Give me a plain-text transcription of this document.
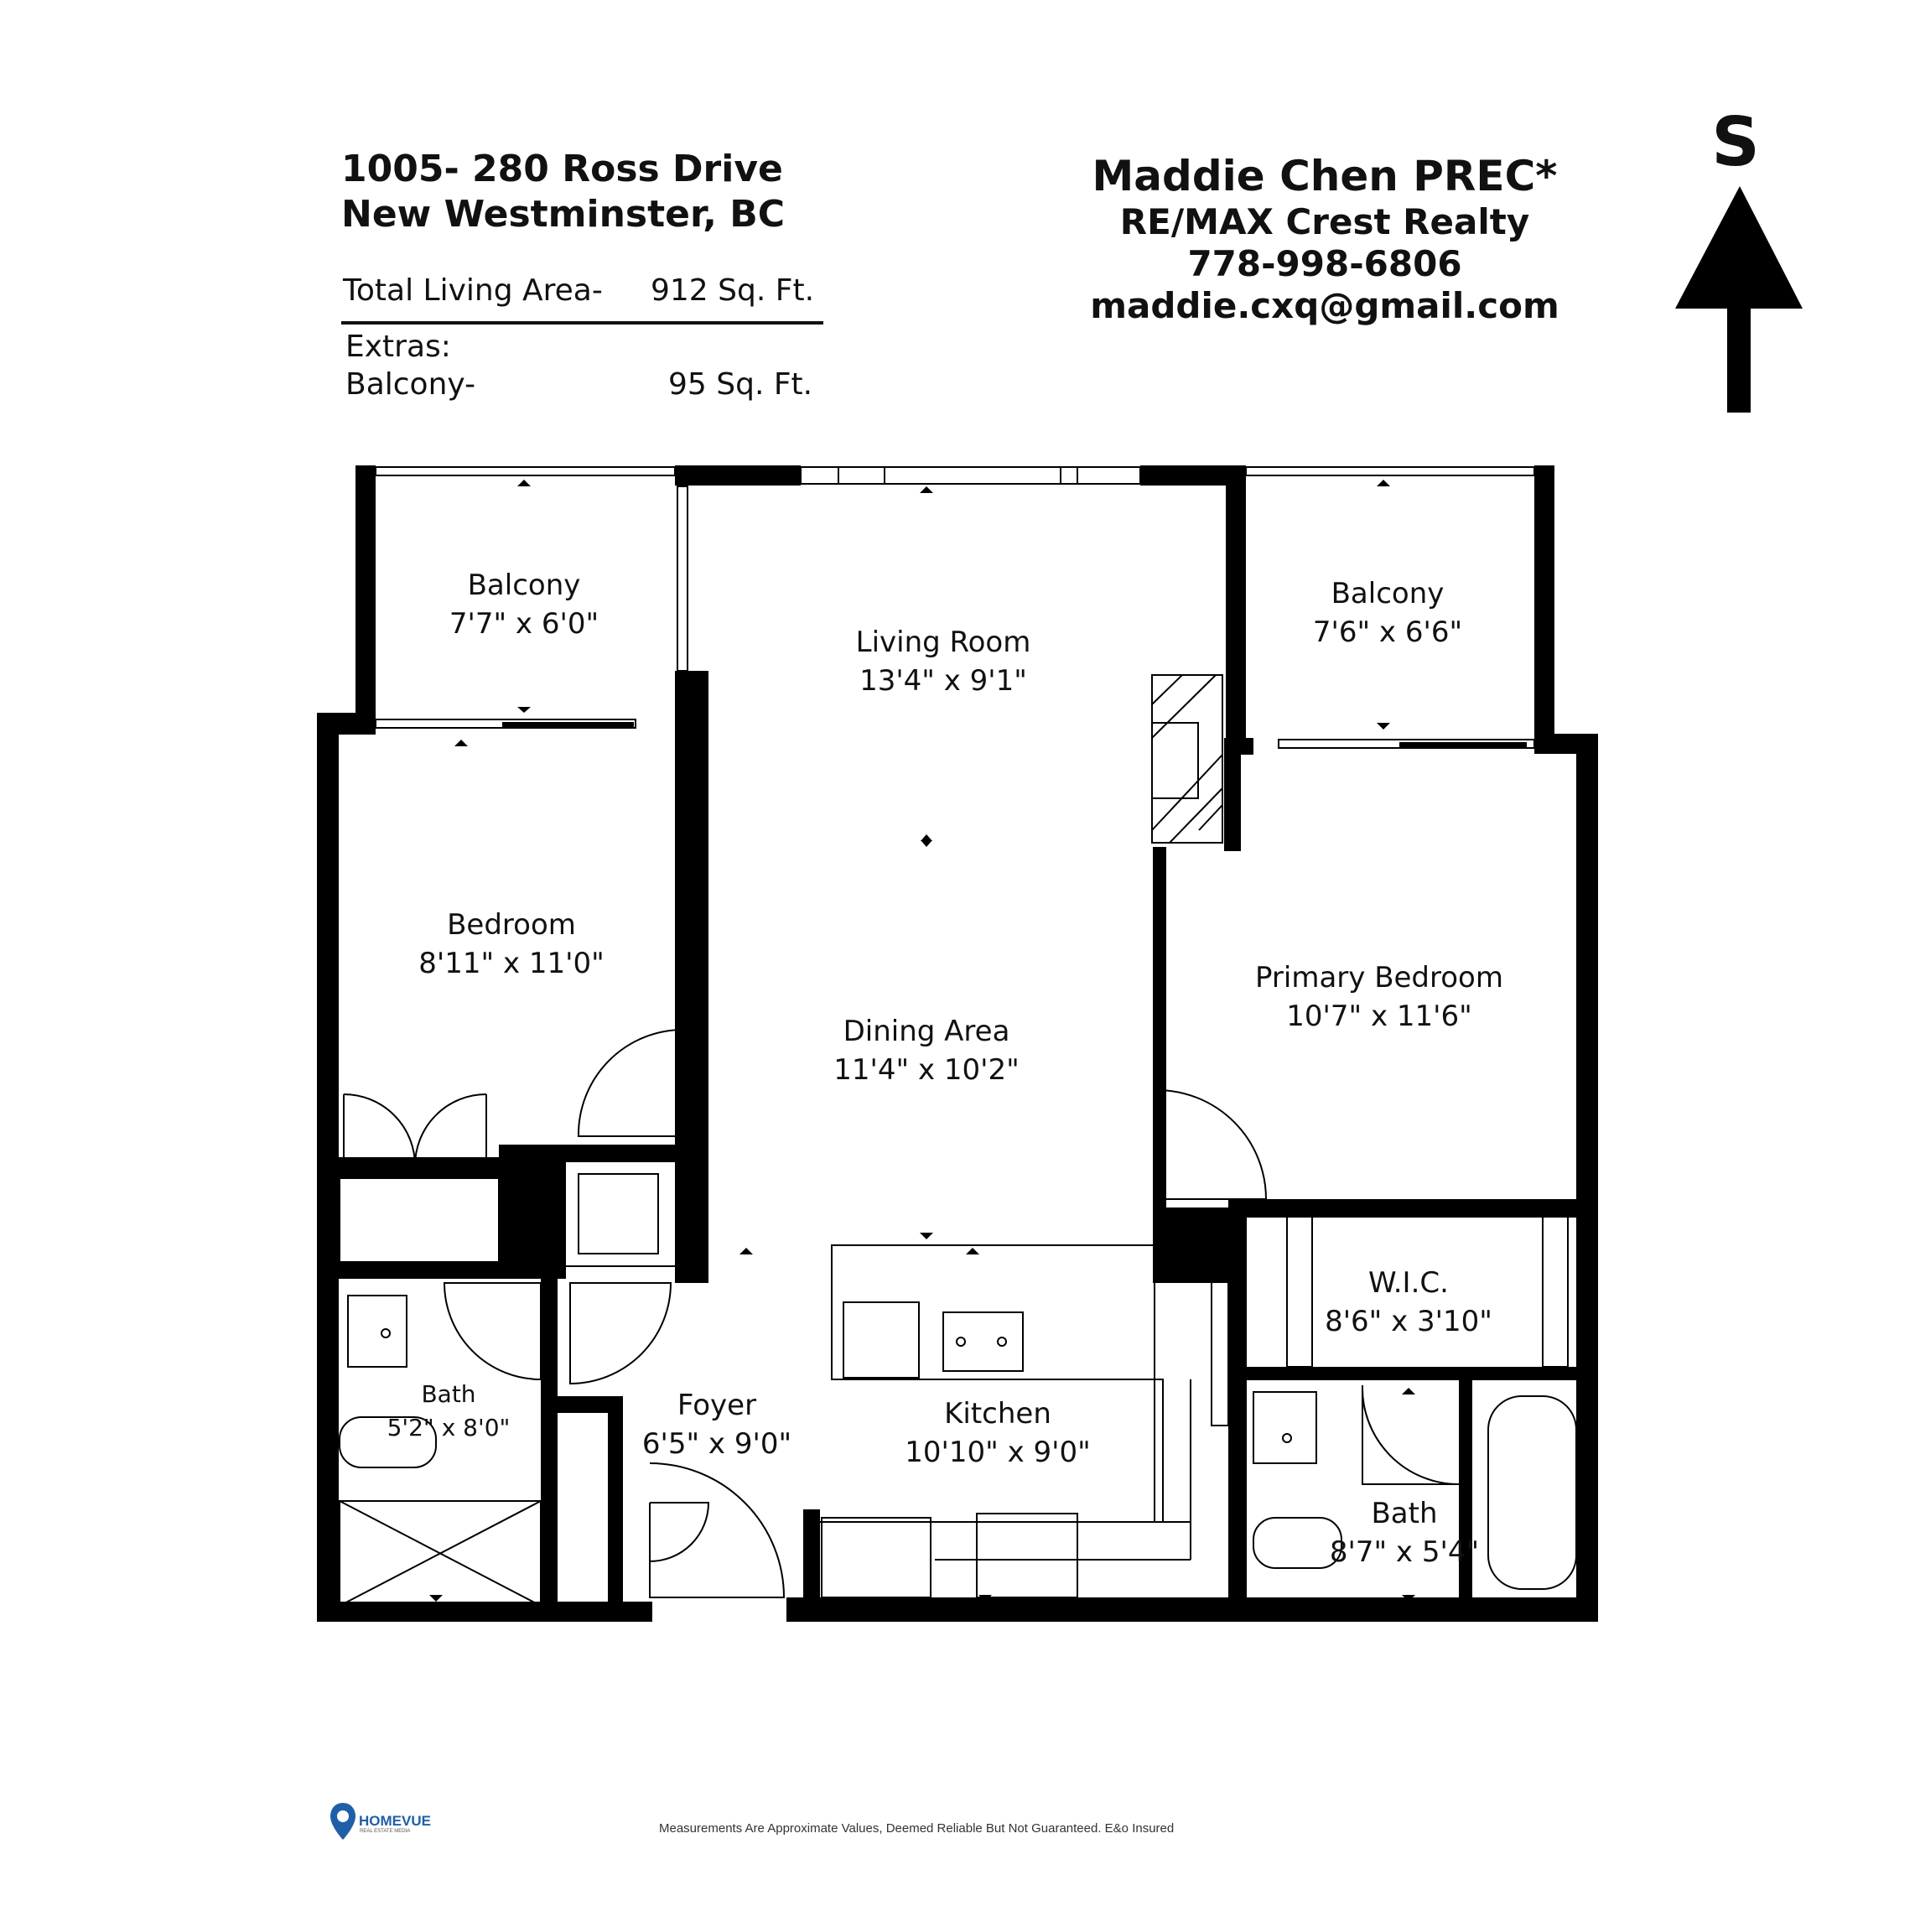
1005- 280 Ross Drive
New Westminster, BC
Total Living Area- 912 Sq. Ft.
Extras:
Balcony-	95 Sq. Ft.
Maddie Chen PREC*
RE/MAX Crest Realty
778-998-6806
maddie.cxq@gmail.com
S
Balcony
7'7" x 6'0"
Living Room
13'4" x 9'1"
Balcony
7'6" x 6'6"
Bedroom
8'11" x 11'0"
Dining Area
11'4" x 10'2"
Primary Bedroom
10'7" x 11'6"
W.I.C.
8'6" x 3'10"
Bath
5'2" x 8'0"
Foyer
6'5" x 9'0"
Kitchen
10'10" x 9'0"
Bath
8'7" x 5'4"
HOMEVUE
REAL ESTATE MEDIA	Measurements Are Approximate Values, Deemed Reliable But Not Guaranteed. E&o Insured
